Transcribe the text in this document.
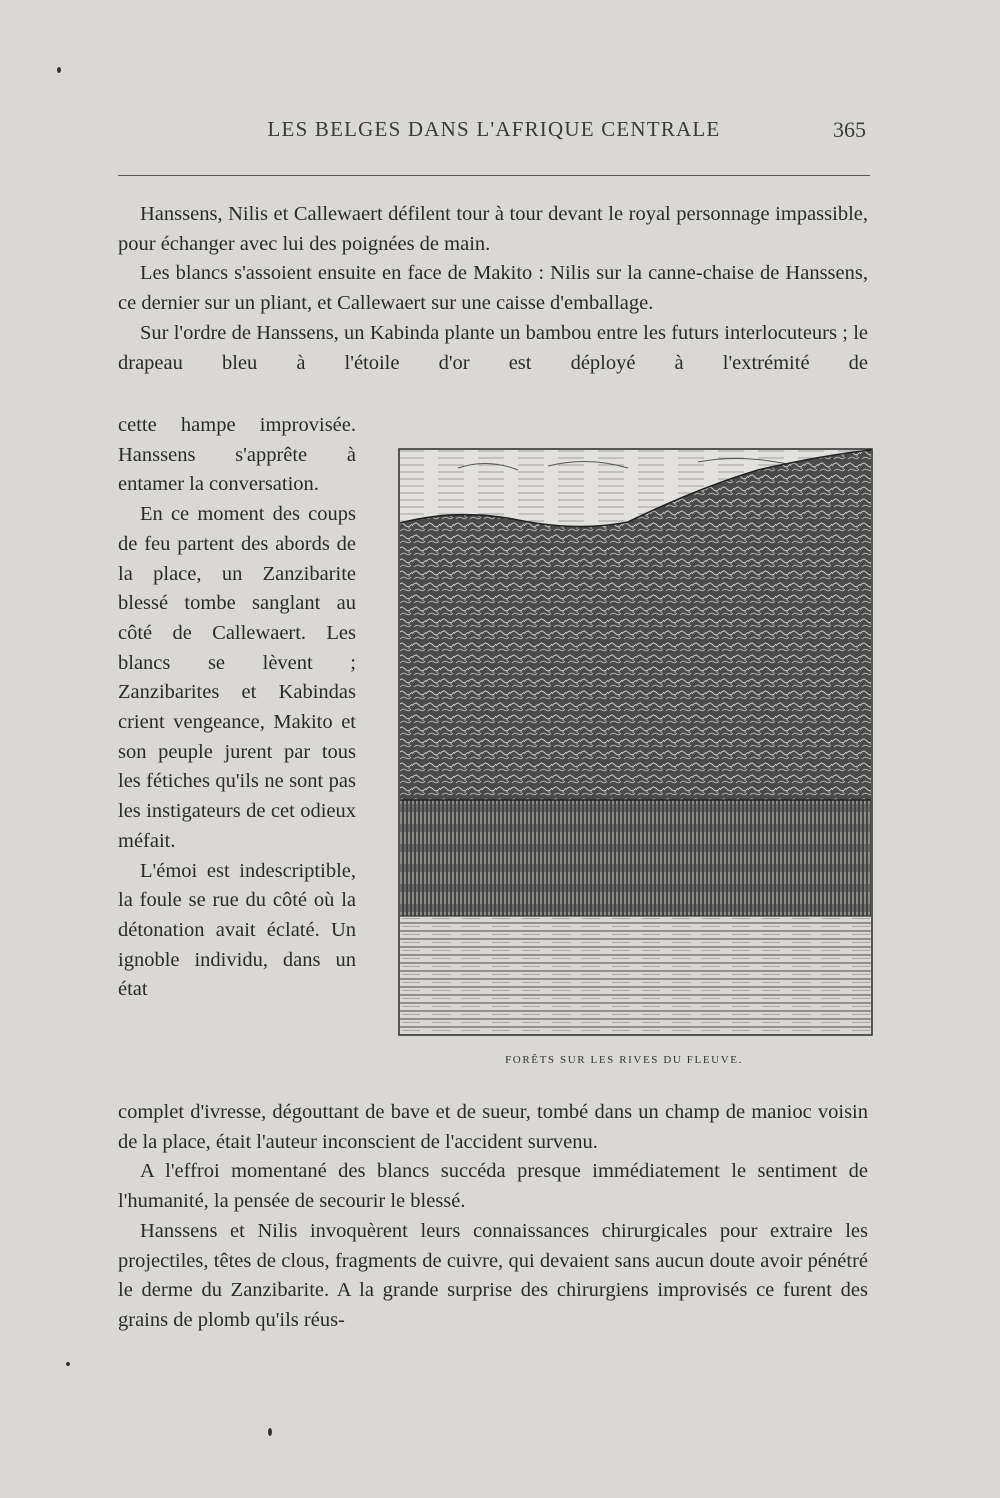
LES BELGES DANS L'AFRIQUE CENTRALE	365

Hanssens, Nilis et Callewaert défilent tour à tour devant le royal personnage impassible, pour échanger avec lui des poignées de main.

Les blancs s'assoient ensuite en face de Makito : Nilis sur la canne-chaise de Hanssens, ce dernier sur un pliant, et Callewaert sur une caisse d'emballage.

Sur l'ordre de Hanssens, un Kabinda plante un bambou entre les futurs interlocuteurs ; le drapeau bleu à l'étoile d'or est déployé à l'extrémité de

cette hampe improvisée. Hanssens s'apprête à entamer la conversation.

En ce moment des coups de feu partent des abords de la place, un Zanzibarite blessé tombe sanglant au côté de Callewaert. Les blancs se lèvent ; Zanzibarites et Kabindas crient vengeance, Makito et son peuple jurent par tous les fétiches qu'ils ne sont pas les instigateurs de cet odieux méfait.

L'émoi est indescriptible, la foule se rue du côté où la détonation avait éclaté. Un ignoble individu, dans un état

FORÊTS SUR LES RIVES DU FLEUVE.

complet d'ivresse, dégouttant de bave et de sueur, tombé dans un champ de manioc voisin de la place, était l'auteur inconscient de l'accident survenu.

A l'effroi momentané des blancs succéda presque immédiatement le sentiment de l'humanité, la pensée de secourir le blessé.

Hanssens et Nilis invoquèrent leurs connaissances chirurgicales pour extraire les projectiles, têtes de clous, fragments de cuivre, qui devaient sans aucun doute avoir pénétré le derme du Zanzibarite. A la grande surprise des chirurgiens improvisés ce furent des grains de plomb qu'ils réus-
